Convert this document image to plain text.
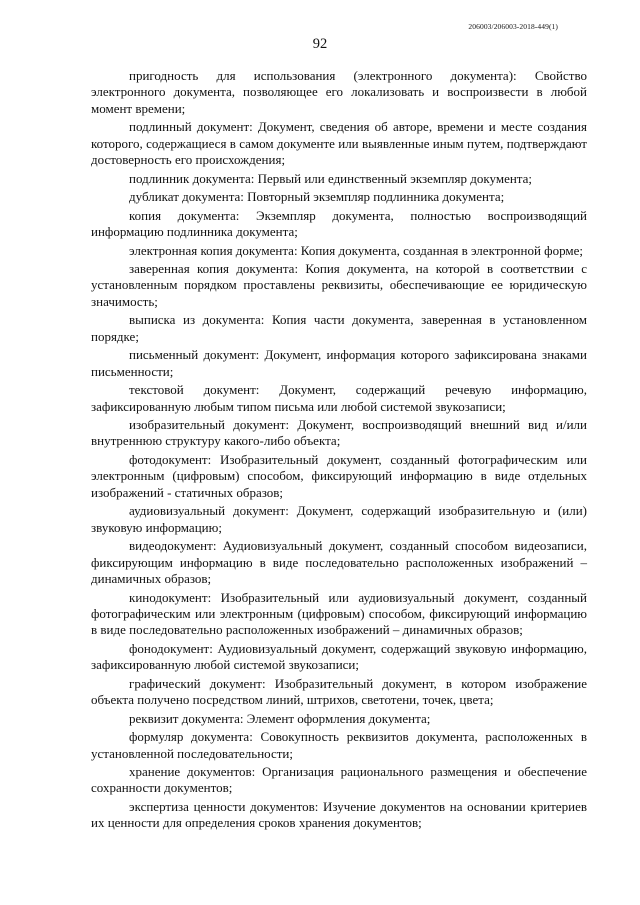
206003/206003-2018-449(1)
92

пригодность для использования (электронного документа): Свойство электронного документа, позволяющее его локализовать и воспроизвести в любой момент времени;

подлинный документ: Документ, сведения об авторе, времени и месте создания которого, содержащиеся в самом документе или выявленные иным путем, подтверждают достоверность его происхождения;

подлинник документа: Первый или единственный экземпляр документа;

дубликат документа: Повторный экземпляр подлинника документа;

копия документа: Экземпляр документа, полностью воспроизводящий информацию подлинника документа;

электронная копия документа: Копия документа, созданная в электронной форме;

заверенная копия документа: Копия документа, на которой в соответствии с установленным порядком проставлены реквизиты, обеспечивающие ее юридическую значимость;

выписка из документа: Копия части документа, заверенная в установленном порядке;

письменный документ: Документ, информация которого зафиксирована знаками письменности;

текстовой документ: Документ, содержащий речевую информацию, зафиксированную любым типом письма или любой системой звукозаписи;

изобразительный документ: Документ, воспроизводящий внешний вид и/или внутреннюю структуру какого-либо объекта;

фотодокумент: Изобразительный документ, созданный фотографическим или электронным (цифровым) способом, фиксирующий информацию в виде отдельных изображений - статичных образов;

аудиовизуальный документ: Документ, содержащий изобразительную и (или) звуковую информацию;

видеодокумент: Аудиовизуальный документ, созданный способом видеозаписи, фиксирующим информацию в виде последовательно расположенных изображений – динамичных образов;

кинодокумент: Изобразительный или аудиовизуальный документ, созданный фотографическим или электронным (цифровым) способом, фиксирующий информацию в виде последовательно расположенных изображений – динамичных образов;

фонодокумент: Аудиовизуальный документ, содержащий звуковую информацию, зафиксированную любой системой звукозаписи;

графический документ: Изобразительный документ, в котором изображение объекта получено посредством линий, штрихов, светотени, точек, цвета;

реквизит документа: Элемент оформления документа;

формуляр документа: Совокупность реквизитов документа, расположенных в установленной последовательности;

хранение документов: Организация рационального размещения и обеспечение сохранности документов;

экспертиза ценности документов: Изучение документов на основании критериев их ценности для определения сроков хранения документов;
